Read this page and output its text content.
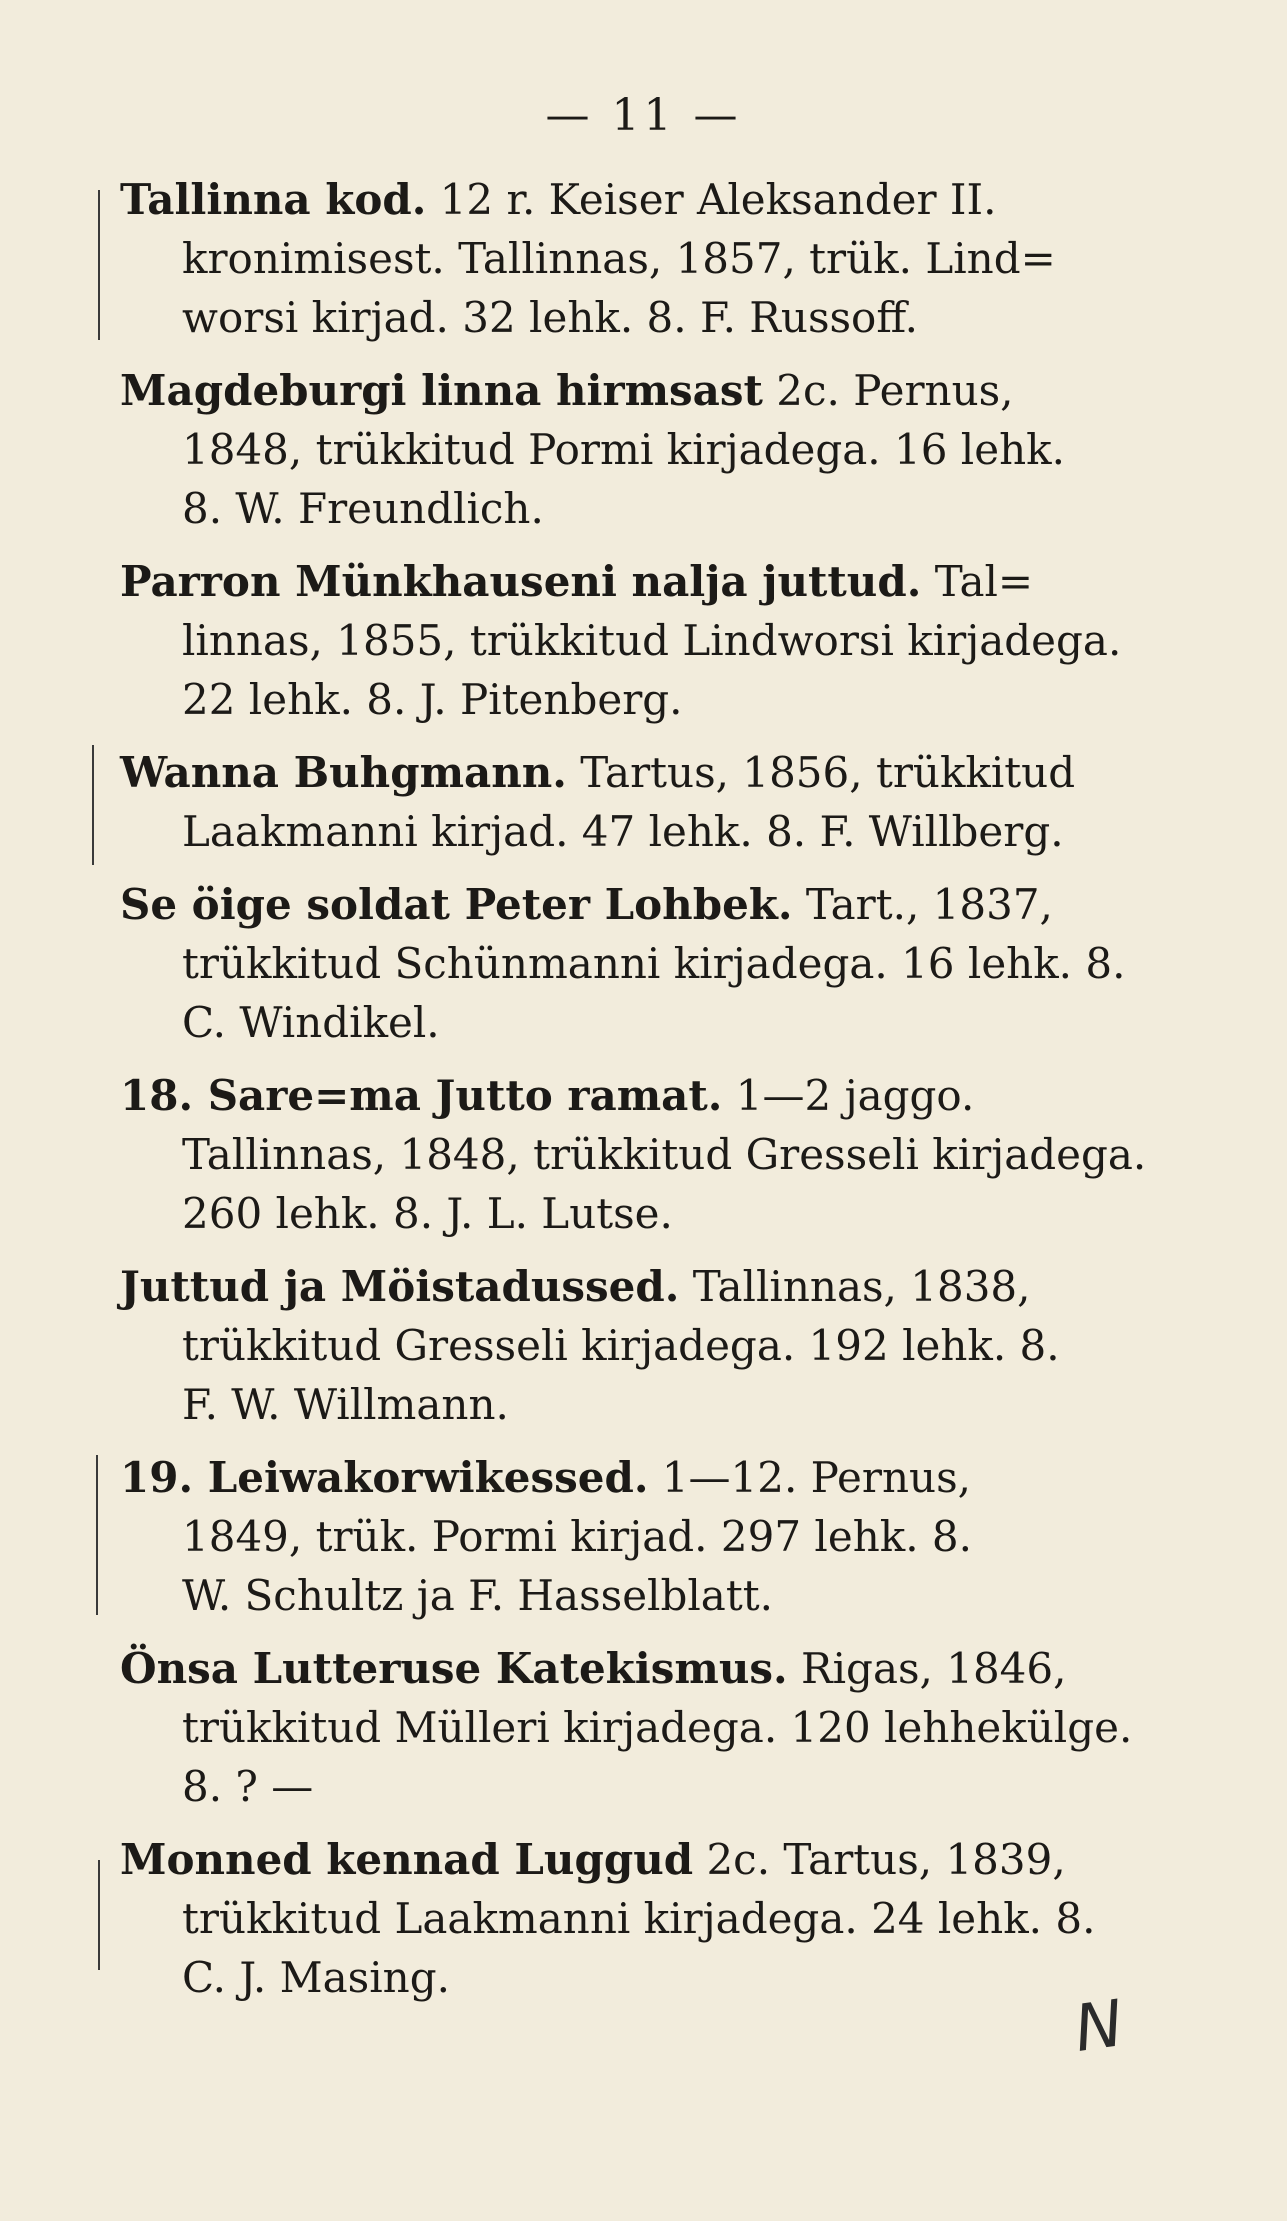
— 11 —
Tallinna kod. 12 r. Keiser Aleksander II.
kronimisest. Tallinnas, 1857, trük. Lind=
worsi kirjad. 32 lehk. 8. F. Russoff.
Magdeburgi linna hirmsast 2c. Pernus,
1848, trükkitud Pormi kirjadega. 16 lehk.
8. W. Freundlich.
Parron Münkhauseni nalja juttud. Tal=
linnas, 1855, trükkitud Lindworsi kirjadega.
22 lehk. 8. J. Pitenberg.
Wanna Buhgmann. Tartus, 1856, trükkitud
Laakmanni kirjad. 47 lehk. 8. F. Willberg.
Se öige soldat Peter Lohbek. Tart., 1837,
trükkitud Schünmanni kirjadega. 16 lehk. 8.
C. Windikel.
18. Sare=ma Jutto ramat. 1—2 jaggo.
Tallinnas, 1848, trükkitud Gresseli kirjadega.
260 lehk. 8. J. L. Lutse.
Juttud ja Möistadussed. Tallinnas, 1838,
trükkitud Gresseli kirjadega. 192 lehk. 8.
F. W. Willmann.
19. Leiwakorwikessed. 1—12. Pernus,
1849, trük. Pormi kirjad. 297 lehk. 8.
W. Schultz ja F. Hasselblatt.
Önsa Lutteruse Katekismus. Rigas, 1846,
trükkitud Mülleri kirjadega. 120 lehhekülge.
8. ? —
Monned kennad Luggud 2c. Tartus, 1839,
trükkitud Laakmanni kirjadega. 24 lehk. 8.
C. J. Masing.
N
